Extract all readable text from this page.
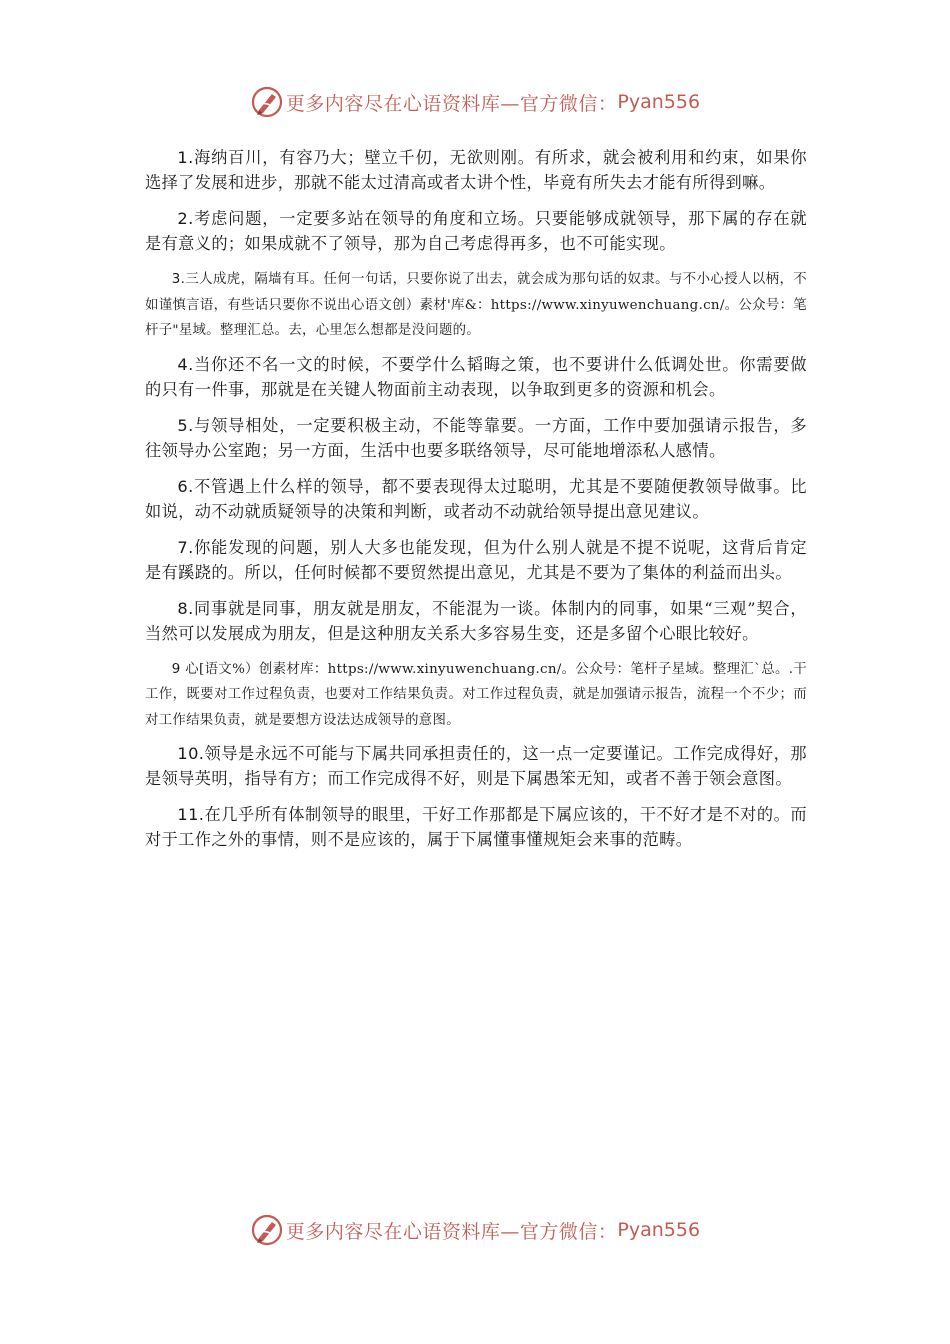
更多内容尽在心语资料库—官方微信： Pyan556

1.海纳百川，有容乃大；壁立千仞，无欲则刚。有所求，就会被利用和约束，如果你选择了发展和进步，那就不能太过清高或者太讲个性，毕竟有所失去才能有所得到嘛。

2.考虑问题，一定要多站在领导的角度和立场。只要能够成就领导，那下属的存在就是有意义的；如果成就不了领导，那为自己考虑得再多，也不可能实现。

3.三人成虎，隔墙有耳。任何一句话，只要你说了出去，就会成为那句话的奴隶。与不小心授人以柄，不如谨慎言语，有些话只要你不说出心语文创）素材'库&：https://www.xinyuwenchuang.cn/。公众号：笔杆子"星域。整理汇总。去，心里怎么想都是没问题的。

4.当你还不名一文的时候，不要学什么韬晦之策，也不要讲什么低调处世。你需要做的只有一件事，那就是在关键人物面前主动表现，以争取到更多的资源和机会。

5.与领导相处，一定要积极主动，不能等靠要。一方面，工作中要加强请示报告，多往领导办公室跑；另一方面，生活中也要多联络领导，尽可能地增添私人感情。

6.不管遇上什么样的领导，都不要表现得太过聪明，尤其是不要随便教领导做事。比如说，动不动就质疑领导的决策和判断，或者动不动就给领导提出意见建议。

7.你能发现的问题，别人大多也能发现，但为什么别人就是不提不说呢，这背后肯定是有蹊跷的。所以，任何时候都不要贸然提出意见，尤其是不要为了集体的利益而出头。

8.同事就是同事，朋友就是朋友，不能混为一谈。体制内的同事，如果“三观”契合，当然可以发展成为朋友，但是这种朋友关系大多容易生变，还是多留个心眼比较好。

9 心[语文%）创素材库：https://www.xinyuwenchuang.cn/。公众号：笔杆子星域。整理汇`总。.干工作，既要对工作过程负责，也要对工作结果负责。对工作过程负责，就是加强请示报告，流程一个不少；而对工作结果负责，就是要想方设法达成领导的意图。

10.领导是永远不可能与下属共同承担责任的，这一点一定要谨记。工作完成得好，那是领导英明，指导有方；而工作完成得不好，则是下属愚笨无知，或者不善于领会意图。

11.在几乎所有体制领导的眼里，干好工作那都是下属应该的，干不好才是不对的。而对于工作之外的事情，则不是应该的，属于下属懂事懂规矩会来事的范畴。

更多内容尽在心语资料库—官方微信： Pyan556
